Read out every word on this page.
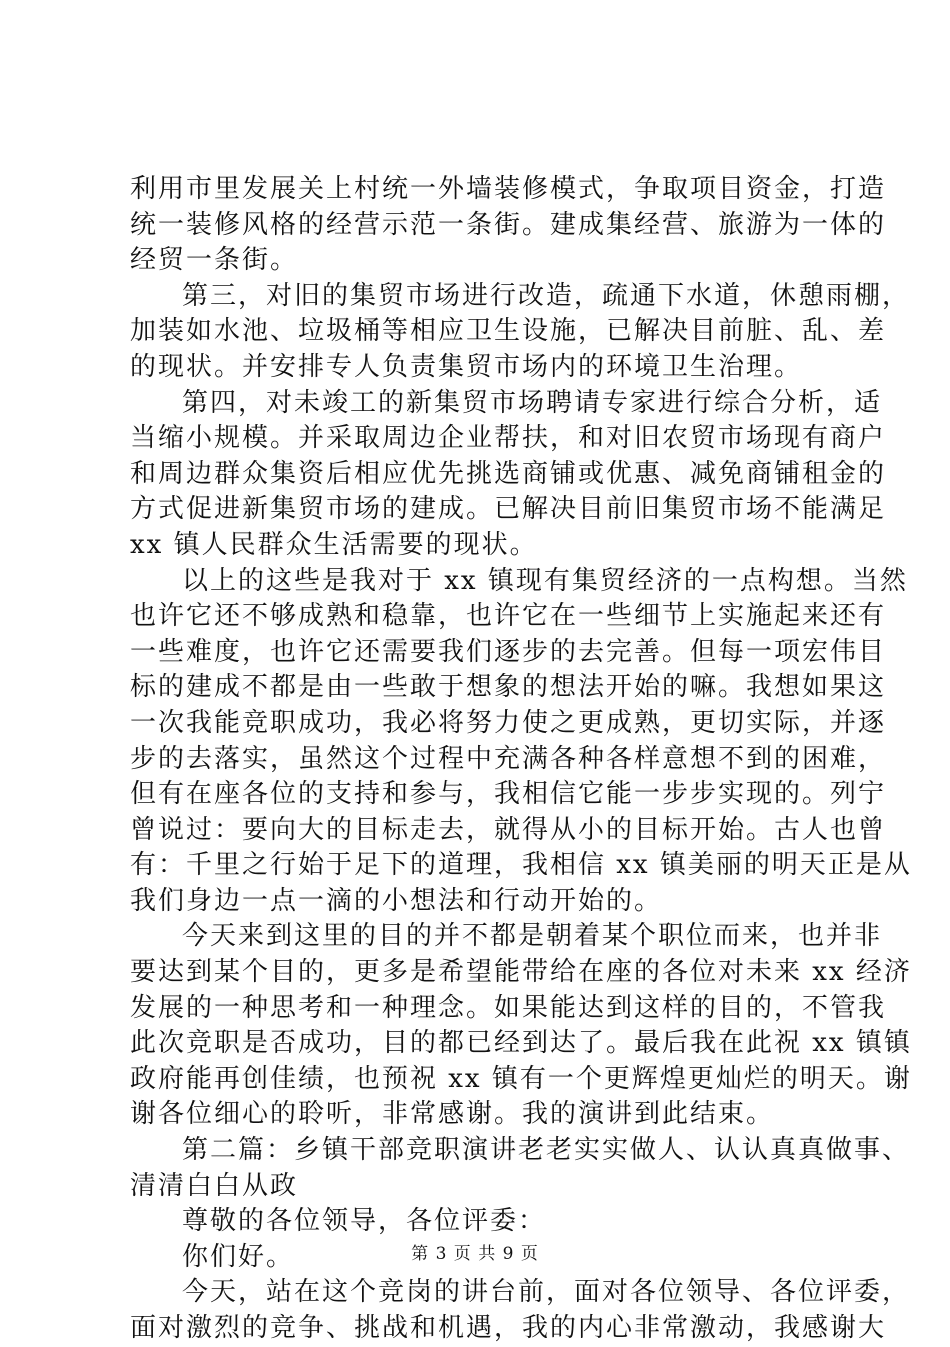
利用市里发展关上村统一外墙装修模式，争取项目资金，打造
统一装修风格的经营示范一条街。建成集经营、旅游为一体的
经贸一条街。
第三，对旧的集贸市场进行改造，疏通下水道，休憩雨棚，
加装如水池、垃圾桶等相应卫生设施，已解决目前脏、乱、差
的现状。并安排专人负责集贸市场内的环境卫生治理。
第四，对未竣工的新集贸市场聘请专家进行综合分析，适
当缩小规模。并采取周边企业帮扶，和对旧农贸市场现有商户
和周边群众集资后相应优先挑选商铺或优惠、减免商铺租金的
方式促进新集贸市场的建成。已解决目前旧集贸市场不能满足
xx 镇人民群众生活需要的现状。
以上的这些是我对于 xx 镇现有集贸经济的一点构想。当然
也许它还不够成熟和稳靠，也许它在一些细节上实施起来还有
一些难度，也许它还需要我们逐步的去完善。但每一项宏伟目
标的建成不都是由一些敢于想象的想法开始的嘛。我想如果这
一次我能竞职成功，我必将努力使之更成熟，更切实际，并逐
步的去落实，虽然这个过程中充满各种各样意想不到的困难，
但有在座各位的支持和参与，我相信它能一步步实现的。列宁
曾说过：要向大的目标走去，就得从小的目标开始。古人也曾
有：千里之行始于足下的道理，我相信 xx 镇美丽的明天正是从
我们身边一点一滴的小想法和行动开始的。
今天来到这里的目的并不都是朝着某个职位而来，也并非
要达到某个目的，更多是希望能带给在座的各位对未来 xx 经济
发展的一种思考和一种理念。如果能达到这样的目的，不管我
此次竞职是否成功，目的都已经到达了。最后我在此祝 xx 镇镇
政府能再创佳绩，也预祝 xx 镇有一个更辉煌更灿烂的明天。谢
谢各位细心的聆听，非常感谢。我的演讲到此结束。
第二篇：乡镇干部竞职演讲老老实实做人、认认真真做事、
清清白白从政
尊敬的各位领导，各位评委：
你们好。
今天，站在这个竞岗的讲台前，面对各位领导、各位评委，
面对激烈的竞争、挑战和机遇，我的内心非常激动，我感谢大
第 3 页 共 9 页
